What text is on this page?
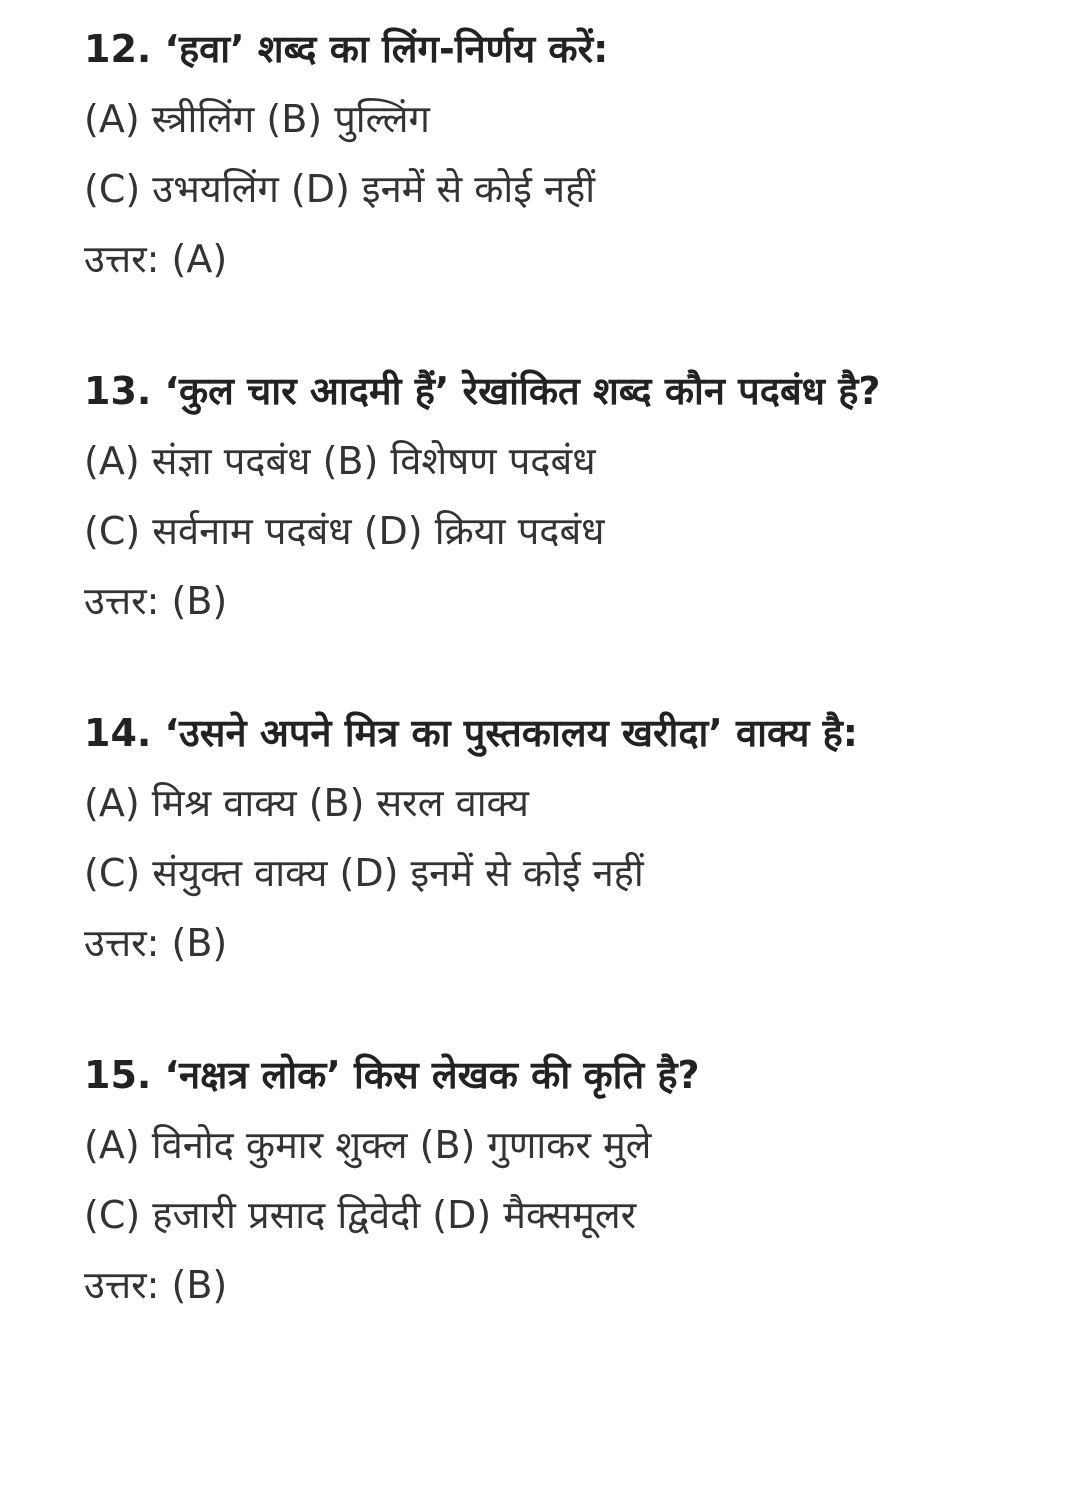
12. ‘हवा’ शब्द का लिंग-निर्णय करें:

(A) स्त्रीलिंग (B) पुल्लिंग

(C) उभयलिंग (D) इनमें से कोई नहीं

उत्तर: (A)

13. ‘कुल चार आदमी हैं’ रेखांकित शब्द कौन पदबंध है?

(A) संज्ञा पदबंध (B) विशेषण पदबंध

(C) सर्वनाम पदबंध (D) क्रिया पदबंध

उत्तर: (B)

14. ‘उसने अपने मित्र का पुस्तकालय खरीदा’ वाक्य है:

(A) मिश्र वाक्य (B) सरल वाक्य

(C) संयुक्त वाक्य (D) इनमें से कोई नहीं

उत्तर: (B)

15. ‘नक्षत्र लोक’ किस लेखक की कृति है?

(A) विनोद कुमार शुक्ल (B) गुणाकर मुले

(C) हजारी प्रसाद द्विवेदी (D) मैक्समूलर

उत्तर: (B)
